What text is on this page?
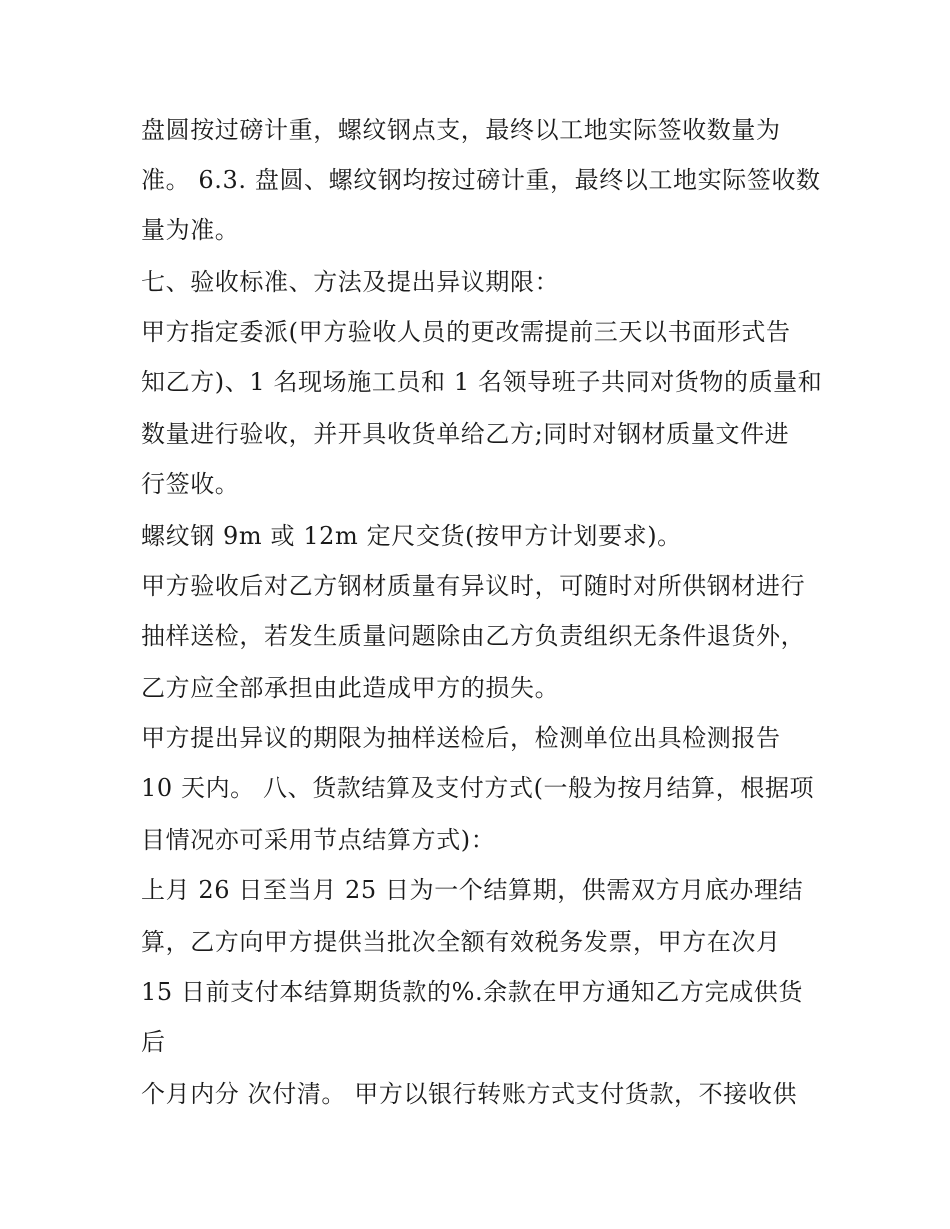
盘圆按过磅计重，螺纹钢点支，最终以工地实际签收数量为
准。 6.3. 盘圆、螺纹钢均按过磅计重，最终以工地实际签收数
量为准。
七、验收标准、方法及提出异议期限：
甲方指定委派(甲方验收人员的更改需提前三天以书面形式告
知乙方)、1 名现场施工员和 1 名领导班子共同对货物的质量和
数量进行验收，并开具收货单给乙方;同时对钢材质量文件进
行签收。
螺纹钢 9m 或 12m 定尺交货(按甲方计划要求)。
甲方验收后对乙方钢材质量有异议时，可随时对所供钢材进行
抽样送检，若发生质量问题除由乙方负责组织无条件退货外，
乙方应全部承担由此造成甲方的损失。
甲方提出异议的期限为抽样送检后，检测单位出具检测报告
10 天内。 八、货款结算及支付方式(一般为按月结算，根据项
目情况亦可采用节点结算方式)：
上月 26 日至当月 25 日为一个结算期，供需双方月底办理结
算，乙方向甲方提供当批次全额有效税务发票，甲方在次月
15 日前支付本结算期货款的%.余款在甲方通知乙方完成供货
后
个月内分 次付清。 甲方以银行转账方式支付货款，不接收供
